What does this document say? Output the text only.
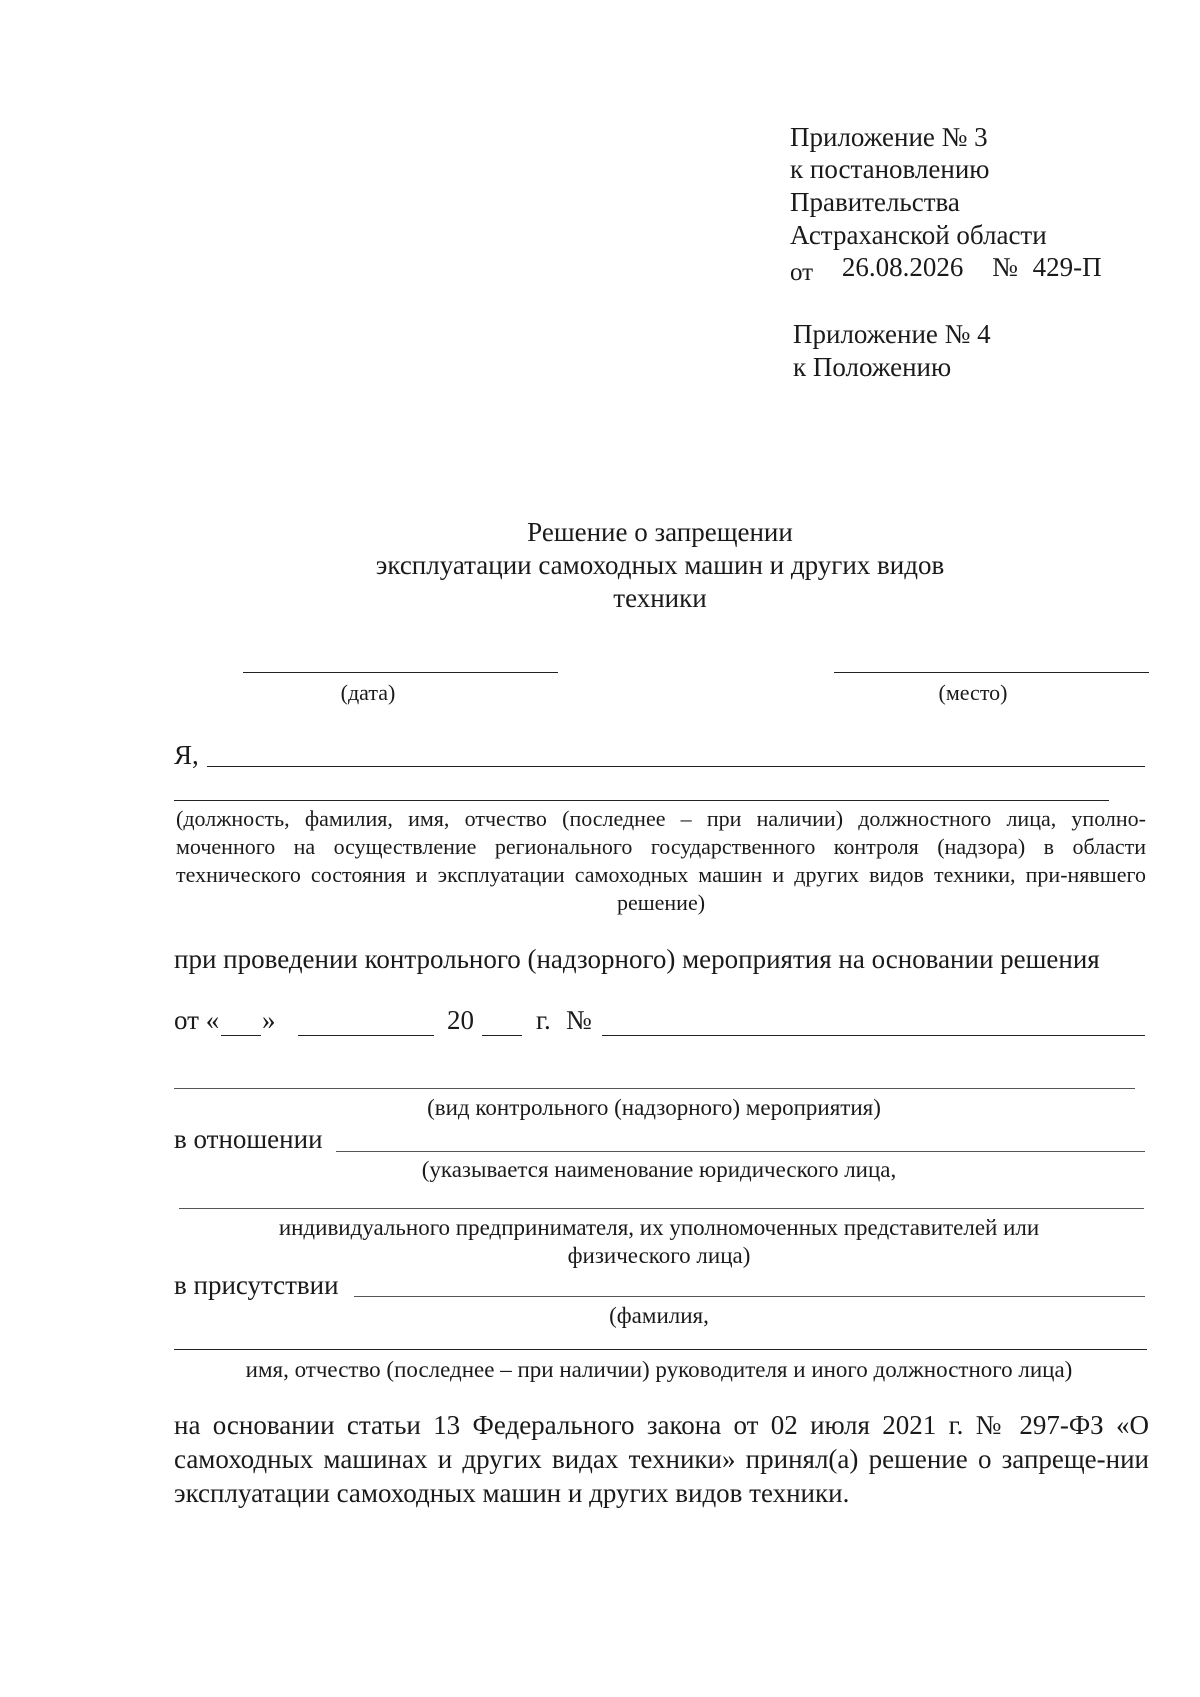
Приложение № 3
к постановлению
Правительства
Астраханской области
от 26.08.2026 № 429-П
Приложение № 4
к Положению
Решение о запрещении
эксплуатации самоходных машин и других видов
техники
(дата)	(место)
Я,
(должность, фамилия, имя, отчество (последнее – при наличии) должностного лица, уполно-моченного на осуществление регионального государственного контроля (надзора) в области технического состояния и эксплуатации самоходных машин и других видов техники, при-нявшего решение)
при проведении контрольного (надзорного) мероприятия на основании решения
от « »	20 г. №
(вид контрольного (надзорного) мероприятия)
в отношении
(указывается наименование юридического лица,
индивидуального предпринимателя, их уполномоченных представителей или
физического лица)
в присутствии
(фамилия,
имя, отчество (последнее – при наличии) руководителя и иного должностного лица)
на основании статьи 13 Федерального закона от 02 июля 2021 г. № 297-ФЗ «О самоходных машинах и других видах техники» принял(а) решение о запреще-нии эксплуатации самоходных машин и других видов техники.
